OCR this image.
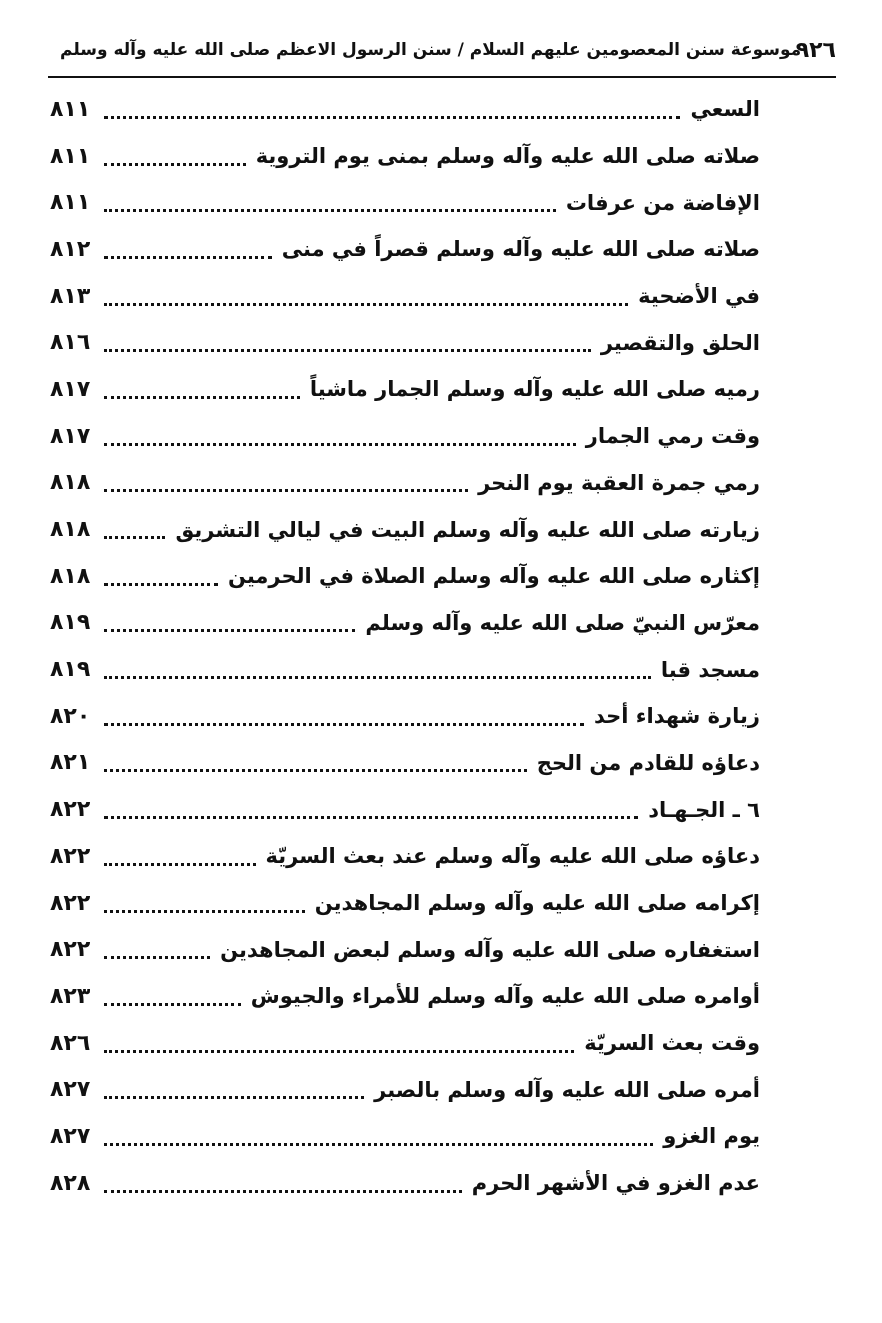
موسوعة سنن المعصومين عليهم السلام / سنن الرسول الاعظم صلى الله عليه وآله وسلم
٩٢٦
٨١١	السعي
٨١١	صلاته صلى الله عليه وآله وسلم بمنى يوم التروية
٨١١	الإفاضة من عرفات
٨١٢	صلاته صلى الله عليه وآله وسلم قصراً في منى
٨١٣	في الأضحية
٨١٦	الحلق والتقصير
٨١٧	رميه صلى الله عليه وآله وسلم الجمار ماشياً
٨١٧	وقت رمي الجمار
٨١٨	رمي جمرة العقبة يوم النحر
٨١٨	زيارته صلى الله عليه وآله وسلم البيت في ليالي التشريق
٨١٨	إكثاره صلى الله عليه وآله وسلم الصلاة في الحرمين
٨١٩	معرّس النبيّ صلى الله عليه وآله وسلم
٨١٩	مسجد قبا
٨٢٠	زيارة شهداء أحد
٨٢١	دعاؤه للقادم من الحج
٨٢٢	٦ ـ الجـهـاد
٨٢٢	دعاؤه صلى الله عليه وآله وسلم عند بعث السريّة
٨٢٢	إكرامه صلى الله عليه وآله وسلم المجاهدين
٨٢٢	استغفاره صلى الله عليه وآله وسلم لبعض المجاهدين
٨٢٣	أوامره صلى الله عليه وآله وسلم للأمراء والجيوش
٨٢٦	وقت بعث السريّة
٨٢٧	أمره صلى الله عليه وآله وسلم بالصبر
٨٢٧	يوم الغزو
٨٢٨	عدم الغزو في الأشهر الحرم
